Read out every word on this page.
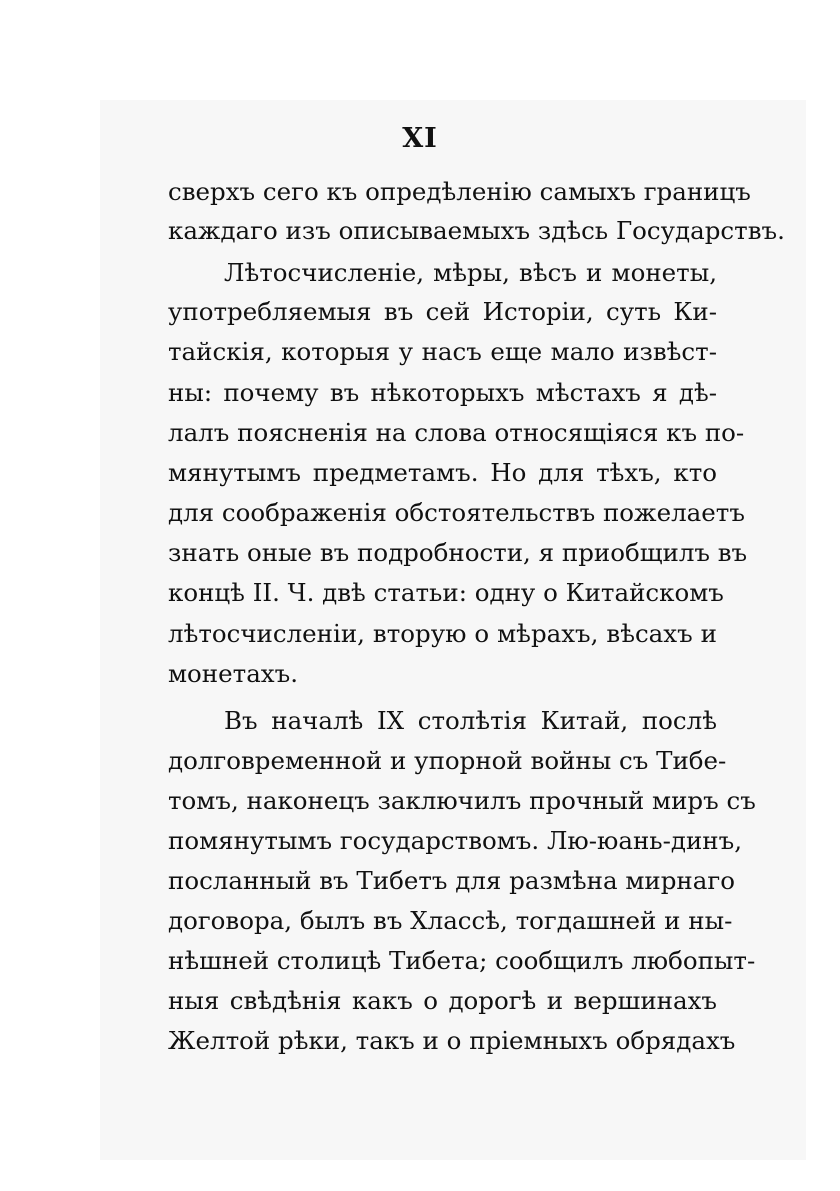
XI
сверхъ сего къ опредѣленію самыхъ границъ
каждаго изъ описываемыхъ здѣсь Государствъ.
Лѣтосчисленіе, мѣры, вѣсъ и монеты,
употребляемыя въ сей Исторіи, суть Ки-
тайскія, которыя у насъ еще мало извѣст-
ны: почему въ нѣкоторыхъ мѣстахъ я дѣ-
лалъ поясненія на слова относящіяся къ по-
мянутымъ предметамъ. Но для тѣхъ, кто
для соображенія обстоятельствъ пожелаетъ
знать оные въ подробности, я приобщилъ въ
концѣ II. Ч. двѣ статьи: одну о Китайскомъ
лѣтосчисленіи, вторую о мѣрахъ, вѣсахъ и
монетахъ.
Въ началѣ IX столѣтія Китай, послѣ
долговременной и упорной войны съ Тибе-
томъ, наконецъ заключилъ прочный миръ съ
помянутымъ государствомъ. Лю-юань-динъ,
посланный въ Тибетъ для размѣна мирнаго
договора, былъ въ Хлассѣ, тогдашней и ны-
нѣшней столицѣ Тибета; сообщилъ любопыт-
ныя свѣдѣнія какъ о дорогѣ и вершинахъ
Желтой рѣки, такъ и о пріемныхъ обрядахъ
